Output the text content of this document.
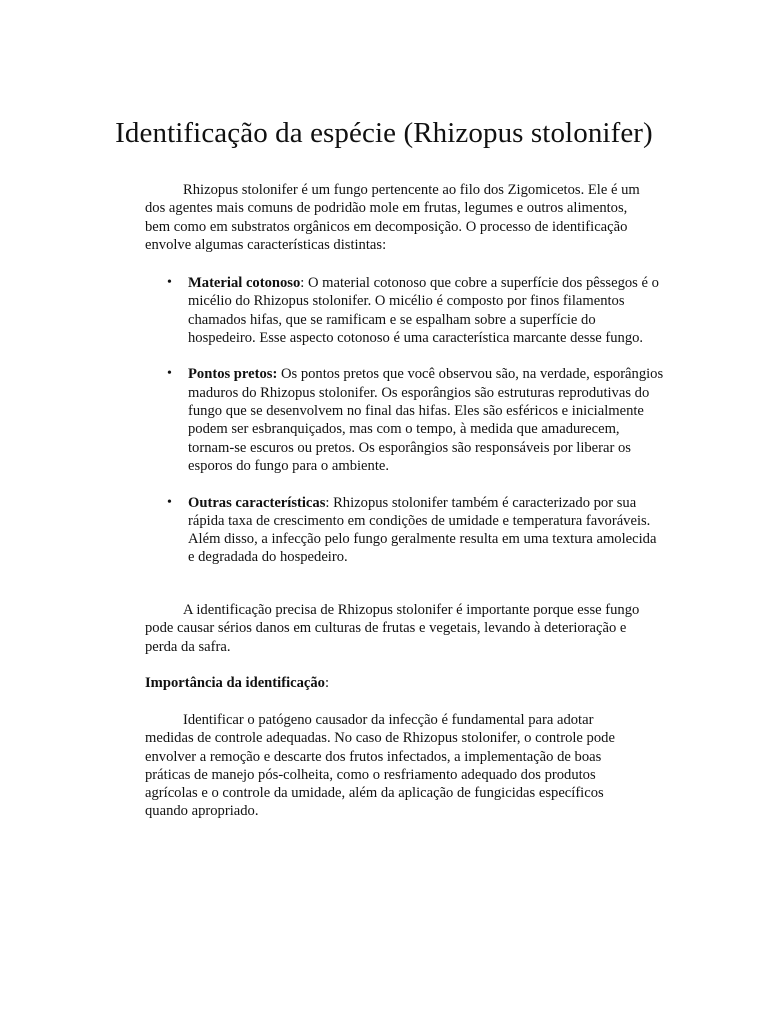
Identificação da espécie (Rhizopus stolonifer)

Rhizopus stolonifer é um fungo pertencente ao filo dos Zigomicetos. Ele é um dos agentes mais comuns de podridão mole em frutas, legumes e outros alimentos, bem como em substratos orgânicos em decomposição. O processo de identificação envolve algumas características distintas:

• Material cotonoso: O material cotonoso que cobre a superfície dos pêssegos é o micélio do Rhizopus stolonifer. O micélio é composto por finos filamentos chamados hifas, que se ramificam e se espalham sobre a superfície do hospedeiro. Esse aspecto cotonoso é uma característica marcante desse fungo.
• Pontos pretos: Os pontos pretos que você observou são, na verdade, esporângios maduros do Rhizopus stolonifer. Os esporângios são estruturas reprodutivas do fungo que se desenvolvem no final das hifas. Eles são esféricos e inicialmente podem ser esbranquiçados, mas com o tempo, à medida que amadurecem, tornam-se escuros ou pretos. Os esporângios são responsáveis por liberar os esporos do fungo para o ambiente.
• Outras características: Rhizopus stolonifer também é caracterizado por sua rápida taxa de crescimento em condições de umidade e temperatura favoráveis. Além disso, a infecção pelo fungo geralmente resulta em uma textura amolecida e degradada do hospedeiro.

A identificação precisa de Rhizopus stolonifer é importante porque esse fungo pode causar sérios danos em culturas de frutas e vegetais, levando à deterioração e perda da safra.

Importância da identificação:

Identificar o patógeno causador da infecção é fundamental para adotar medidas de controle adequadas. No caso de Rhizopus stolonifer, o controle pode envolver a remoção e descarte dos frutos infectados, a implementação de boas práticas de manejo pós-colheita, como o resfriamento adequado dos produtos agrícolas e o controle da umidade, além da aplicação de fungicidas específicos quando apropriado.
